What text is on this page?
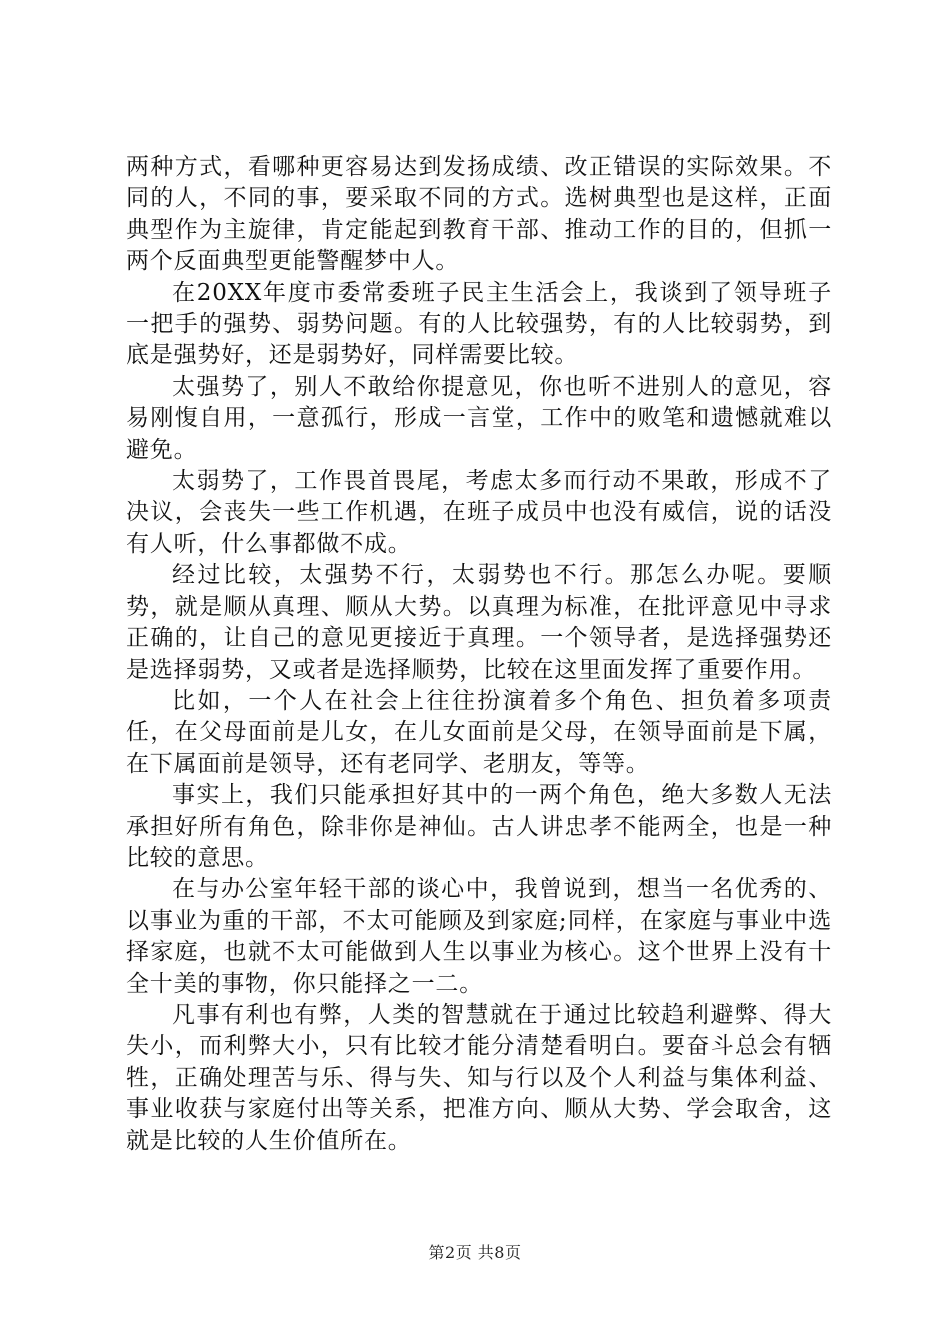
两种方式，看哪种更容易达到发扬成绩、改正错误的实际效果。不同的人，不同的事，要采取不同的方式。选树典型也是这样，正面典型作为主旋律，肯定能起到教育干部、推动工作的目的，但抓一两个反面典型更能警醒梦中人。

在20XX年度市委常委班子民主生活会上，我谈到了领导班子一把手的强势、弱势问题。有的人比较强势，有的人比较弱势，到底是强势好，还是弱势好，同样需要比较。

太强势了，别人不敢给你提意见，你也听不进别人的意见，容易刚愎自用，一意孤行，形成一言堂，工作中的败笔和遗憾就难以避免。

太弱势了，工作畏首畏尾，考虑太多而行动不果敢，形成不了决议，会丧失一些工作机遇，在班子成员中也没有威信，说的话没有人听，什么事都做不成。

经过比较，太强势不行，太弱势也不行。那怎么办呢。要顺势，就是顺从真理、顺从大势。以真理为标准，在批评意见中寻求正确的，让自己的意见更接近于真理。一个领导者，是选择强势还是选择弱势，又或者是选择顺势，比较在这里面发挥了重要作用。

比如，一个人在社会上往往扮演着多个角色、担负着多项责任，在父母面前是儿女，在儿女面前是父母，在领导面前是下属，在下属面前是领导，还有老同学、老朋友，等等。

事实上，我们只能承担好其中的一两个角色，绝大多数人无法承担好所有角色，除非你是神仙。古人讲忠孝不能两全，也是一种比较的意思。

在与办公室年轻干部的谈心中，我曾说到，想当一名优秀的、以事业为重的干部，不太可能顾及到家庭;同样，在家庭与事业中选择家庭，也就不太可能做到人生以事业为核心。这个世界上没有十全十美的事物，你只能择之一二。

凡事有利也有弊，人类的智慧就在于通过比较趋利避弊、得大失小，而利弊大小，只有比较才能分清楚看明白。要奋斗总会有牺牲，正确处理苦与乐、得与失、知与行以及个人利益与集体利益、事业收获与家庭付出等关系，把准方向、顺从大势、学会取舍，这就是比较的人生价值所在。

第2页 共8页
